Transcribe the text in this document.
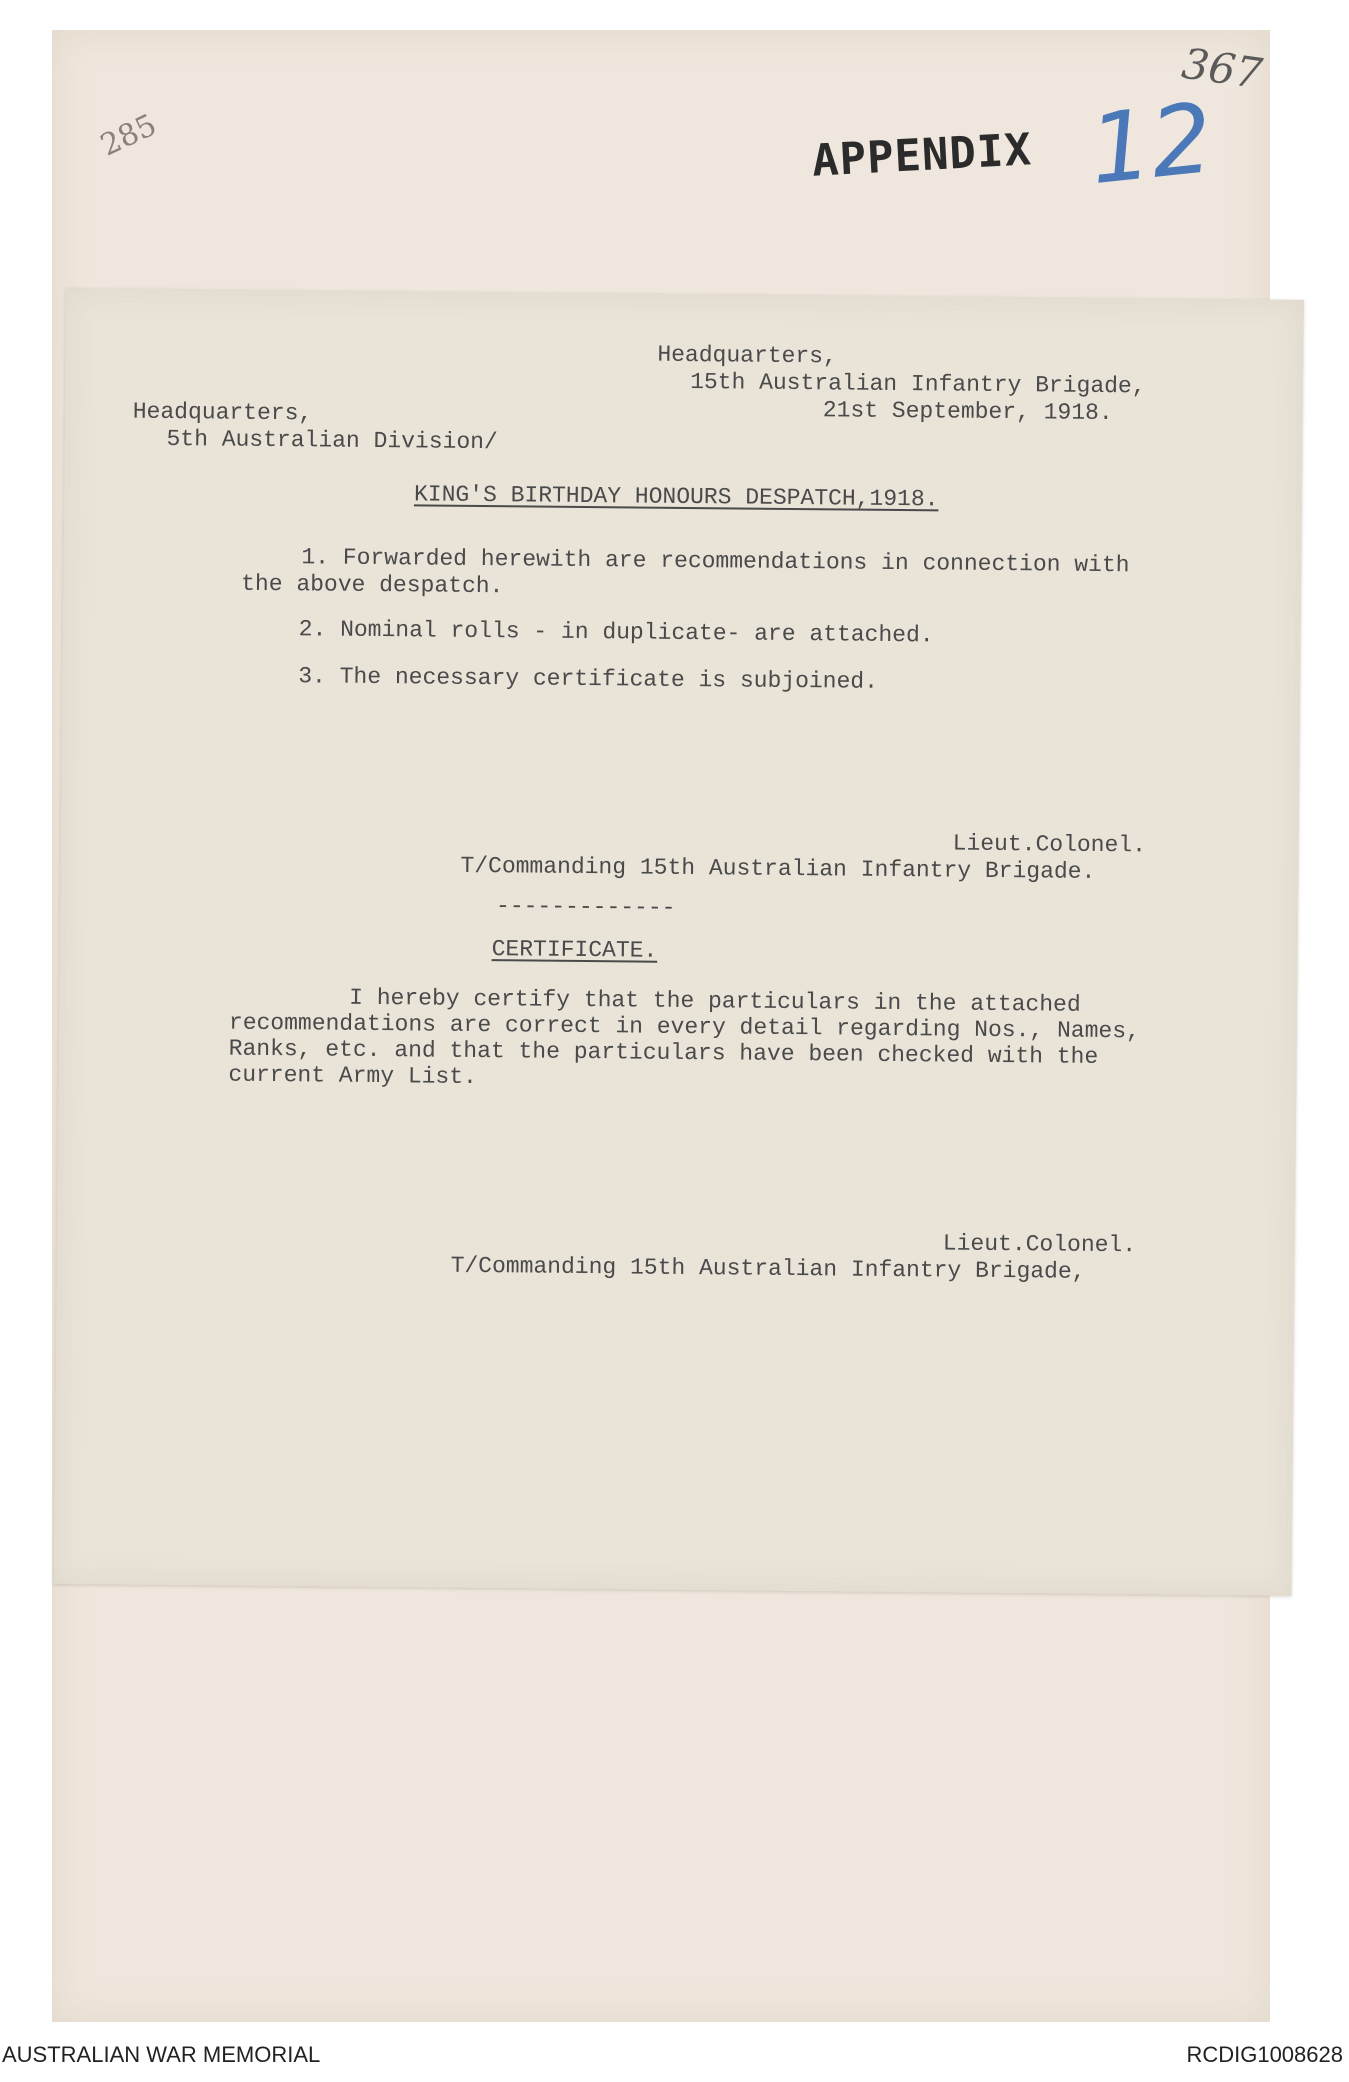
APPENDIX 12
367
285
Headquarters,
15th Australian Infantry Brigade,
21st September, 1918.
Headquarters,
5th Australian Division/
KING'S BIRTHDAY HONOURS DESPATCH,1918.
1. Forwarded herewith are recommendations in connection with
the above despatch.
2. Nominal rolls - in duplicate- are attached.
3. The necessary certificate is subjoined.
Lieut.Colonel.
T/Commanding 15th Australian Infantry Brigade.
-------------
CERTIFICATE.
I hereby certify that the particulars in the attached
recommendations are correct in every detail regarding Nos., Names,
Ranks, etc. and that the particulars have been checked with the
current Army List.
Lieut.Colonel.
T/Commanding 15th Australian Infantry Brigade,
AUSTRALIAN WAR MEMORIAL	RCDIG1008628
